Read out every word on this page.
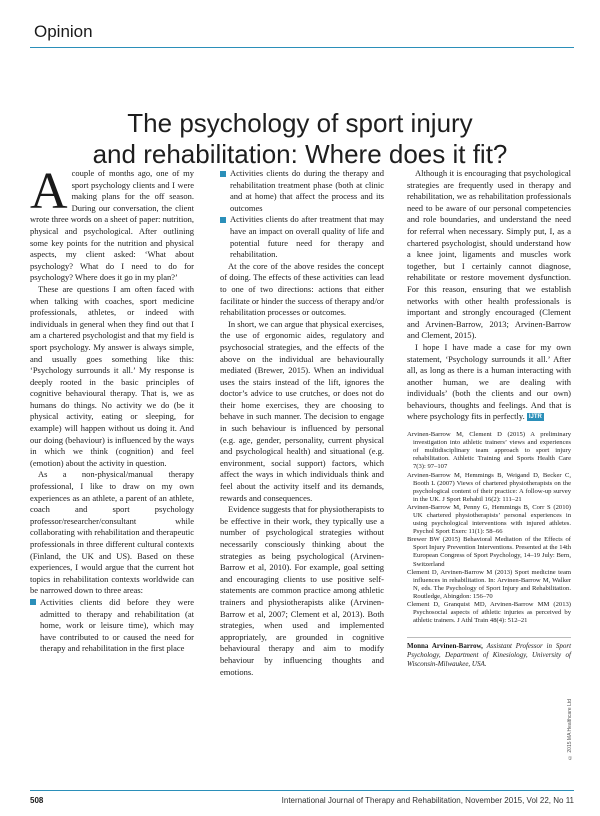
Opinion
The psychology of sport injury
and rehabilitation: Where does it fit?

Acouple of months ago, one of my sport psychology clients and I were making plans for the off season. During our conversation, the client wrote three words on a sheet of paper: nutrition, physical and psychological. After outlining some key points for the nutrition and physical aspects, my client asked: ‘What about psychology? What do I need to do for psychology? Where does it go in my plan?’

These are questions I am often faced with when talking with coaches, sport medicine professionals, athletes, or indeed with individuals in general when they find out that I am a chartered psychologist and that my field is sport psychology. My answer is always simple, and usually goes something like this: ‘Psychology surrounds it all.’ My response is deeply rooted in the basic principles of cognitive behavioural therapy. That is, we as humans do things. No activity we do (be it physical activity, eating or sleeping, for example) will happen without us doing it. And our doing (behaviour) is influenced by the ways in which we think (cognition) and feel (emotion) about the activity in question.

As a non-physical/manual therapy professional, I like to draw on my own experiences as an athlete, a parent of an athlete, coach and sport psychology professor/researcher/consultant while collaborating with rehabilitation and therapeutic professionals in three different cultural contexts (Finland, the UK and US). Based on these experiences, I would argue that the current hot topics in rehabilitation contexts worldwide can be narrowed down to three areas:

Activities clients did before they were admitted to therapy and rehabilitation (at home, work or leisure time), which may have contributed to or caused the need for therapy and rehabilitation in the first place
Activities clients do during the therapy and rehabilitation treatment phase (both at clinic and at home) that affect the process and its outcomes
Activities clients do after treatment that may have an impact on overall quality of life and potential future need for therapy and rehabilitation.

At the core of the above resides the concept of doing. The effects of these activities can lead to one of two directions: actions that either facilitate or hinder the success of therapy and/or rehabilitation processes or outcomes.

In short, we can argue that physical exercises, the use of ergonomic aides, regulatory and psychosocial strategies, and the effects of the above on the individual are behaviourally mediated (Brewer, 2015). When an individual uses the stairs instead of the lift, ignores the doctor’s advice to use crutches, or does not do their home exercises, they are choosing to behave in such manner. The decision to engage in such behaviour is influenced by personal (e.g. age, gender, personality, current physical and psychological health) and situational (e.g. environment, social support) factors, which affect the ways in which individuals think and feel about the activity itself and its demands, rewards and consequences.

Evidence suggests that for physiotherapists to be effective in their work, they typically use a number of psychological strategies without necessarily consciously thinking about the strategies as being psychological (Arvinen-Barrow et al, 2010). For example, goal setting and encouraging clients to use positive self-statements are common practice among athletic trainers and physiotherapists alike (Arvinen-Barrow et al, 2007; Clement et al, 2013). Both strategies, when used and implemented appropriately, are grounded in cognitive behavioural therapy and aim to modify behaviour by influencing thoughts and emotions.

Although it is encouraging that psychological strategies are frequently used in therapy and rehabilitation, we as rehabilitation professionals need to be aware of our personal competencies and role boundaries, and understand the need for referral when necessary. Simply put, I, as a chartered psychologist, should understand how a knee joint, ligaments and muscles work together, but I certainly cannot diagnose, rehabilitate or restore movement dysfunction. For this reason, ensuring that we establish networks with other health professionals is important and strongly encouraged (Clement and Arvinen-Barrow, 2013; Arvinen-Barrow and Clement, 2015).

I hope I have made a case for my own statement, ‘Psychology surrounds it all.’ After all, as long as there is a human interacting with another human, we are dealing with individuals’ (both the clients and our own) behaviours, thoughts and feelings. And that is where psychology fits in perfectly. IJTR

Arvinen-Barrow M, Clement D (2015) A preliminary investigation into athletic trainers’ views and experiences of multidisciplinary team approach to sport injury rehabilitation. Athletic Training and Sports Health Care 7(3): 97–107
Arvinen-Barrow M, Hemmings B, Weigand D, Becker C, Booth L (2007) Views of chartered physiotherapists on the psychological content of their practice: A follow-up survey in the UK. J Sport Rehabil 16(2): 111–21
Arvinen-Barrow M, Penny G, Hemmings B, Corr S (2010) UK chartered physiotherapists’ personal experiences in using psychological interventions with injured athletes. Psychol Sport Exerc 11(1): 58–66
Brewer BW (2015) Behavioral Mediation of the Effects of Sport Injury Prevention Interventions. Presented at the 14th European Congress of Sport Psychology, 14–19 July: Bern, Switzerland
Clement D, Arvinen-Barrow M (2013) Sport medicine team influences in rehabilitation. In: Arvinen-Barrow M, Walker N, eds. The Psychology of Sport Injury and Rehabilitation. Routledge, Abingdon: 156–70
Clement D, Granquist MD, Arvinen-Barrow MM (2013) Psychosocial aspects of athletic injuries as perceived by athletic trainers. J Athl Train 48(4): 512–21
Monna Arvinen-Barrow, Assistant Professor in Sport Psychology, Department of Kinesiology, University of Wisconsin-Milwaukee, USA.
© 2015 MA Healthcare Ltd
508	International Journal of Therapy and Rehabilitation, November 2015, Vol 22, No 11
